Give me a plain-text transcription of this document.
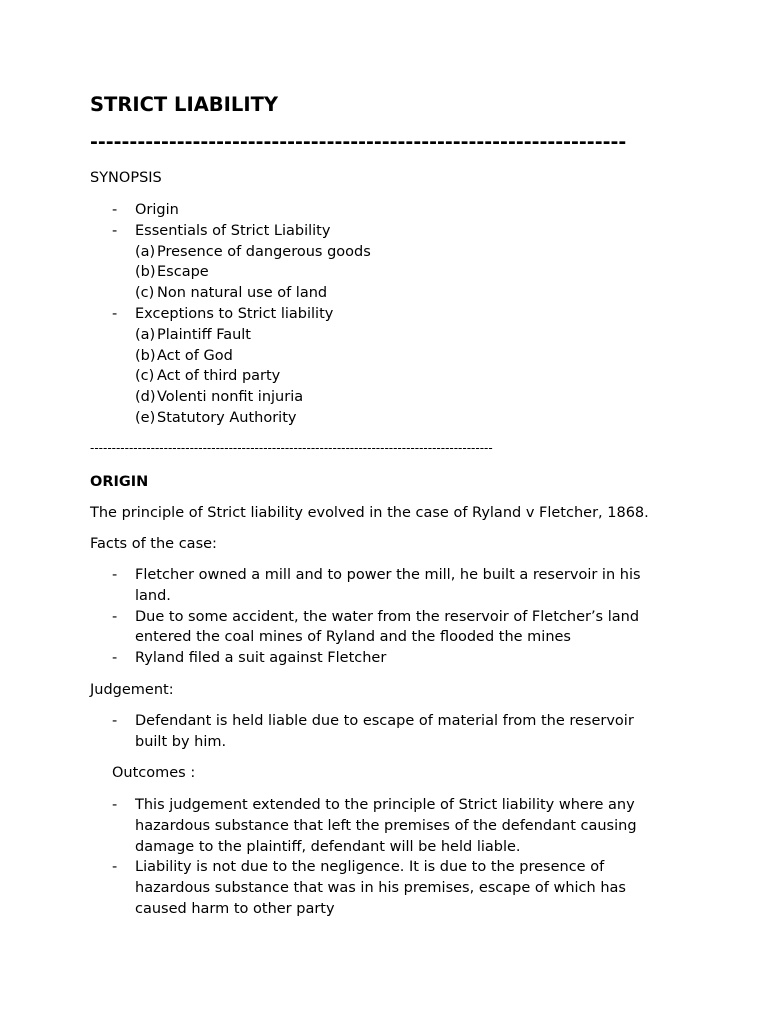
STRICT LIABILITY
--------------------------------------------------------------------
SYNOPSIS
- Origin
- Essentials of Strict Liability
(a) Presence of dangerous goods
(b) Escape
(c) Non natural use of land
- Exceptions to Strict liability
(a) Plaintiff Fault
(b) Act of God
(c) Act of third party
(d) Volenti nonfit injuria
(e) Statutory Authority
---------------------------------------------------------------------------------------------
ORIGIN
The principle of Strict liability evolved in the case of Ryland v Fletcher, 1868.
Facts of the case:
- Fletcher owned a mill and to power the mill, he built a reservoir in his land.
- Due to some accident, the water from the reservoir of Fletcher’s land entered the coal mines of Ryland and the flooded the mines
- Ryland filed a suit against Fletcher
Judgement:
- Defendant is held liable due to escape of material from the reservoir built by him.
Outcomes :
- This judgement extended to the principle of Strict liability where any hazardous substance that left the premises of the defendant causing damage to the plaintiff, defendant will be held liable.
- Liability is not due to the negligence. It is due to the presence of hazardous substance that was in his premises, escape of which has caused harm to other party
